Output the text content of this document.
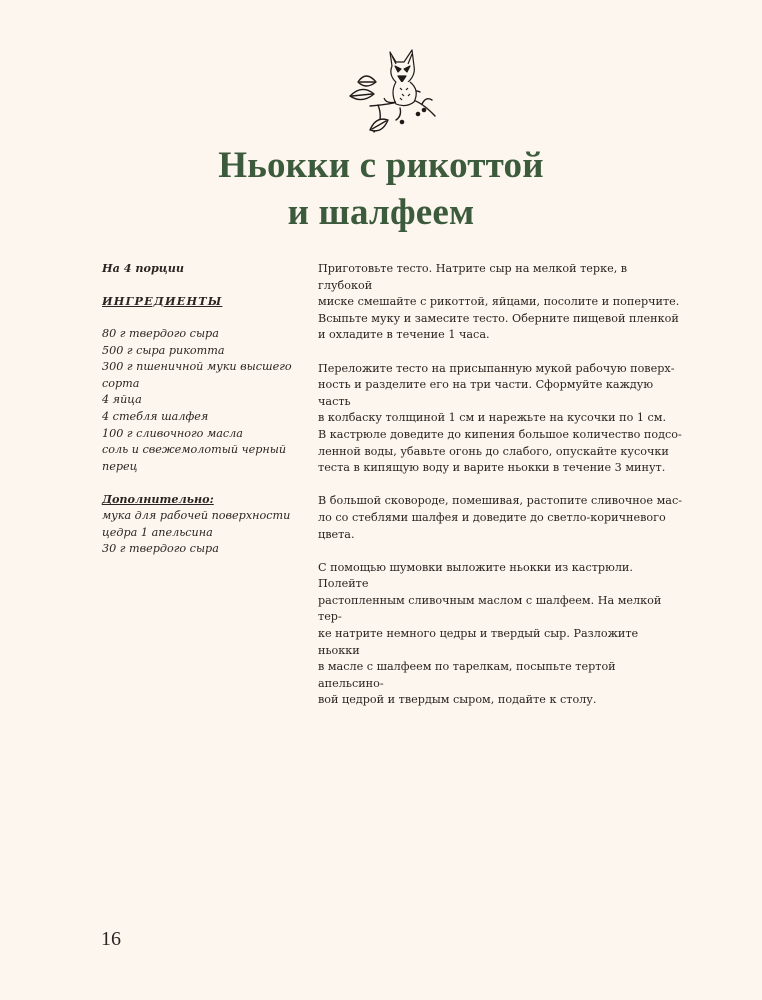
Ньокки с рикоттой
и шалфеем
На 4 порции
ИНГРЕДИЕНТЫ
80 г твердого сыра
500 г сыра рикотта
300 г пшеничной муки высшего
сорта
4 яйца
4 стебля шалфея
100 г сливочного масла
соль и свежемолотый черный перец
Дополнительно:
мука для рабочей поверхности
цедра 1 апельсина
30 г твердого сыра

Приготовьте тесто. Натрите сыр на мелкой терке, в глубокой
миске смешайте с рикоттой, яйцами, посолите и поперчите.
Всыпьте муку и замесите тесто. Оберните пищевой пленкой
и охладите в течение 1 часа.

Переложите тесто на присыпанную мукой рабочую поверх-
ность и разделите его на три части. Сформуйте каждую часть
в колбаску толщиной 1 см и нарежьте на кусочки по 1 см.
В кастрюле доведите до кипения большое количество подсо-
ленной воды, убавьте огонь до слабого, опускайте кусочки
теста в кипящую воду и варите ньокки в течение 3 минут.

В большой сковороде, помешивая, растопите сливочное мас-
ло со стеблями шалфея и доведите до светло-коричневого
цвета.

С помощью шумовки выложите ньокки из кастрюли. Полейте
растопленным сливочным маслом с шалфеем. На мелкой тер-
ке натрите немного цедры и твердый сыр. Разложите ньокки
в масле с шалфеем по тарелкам, посыпьте тертой апельсино-
вой цедрой и твердым сыром, подайте к столу.

16
